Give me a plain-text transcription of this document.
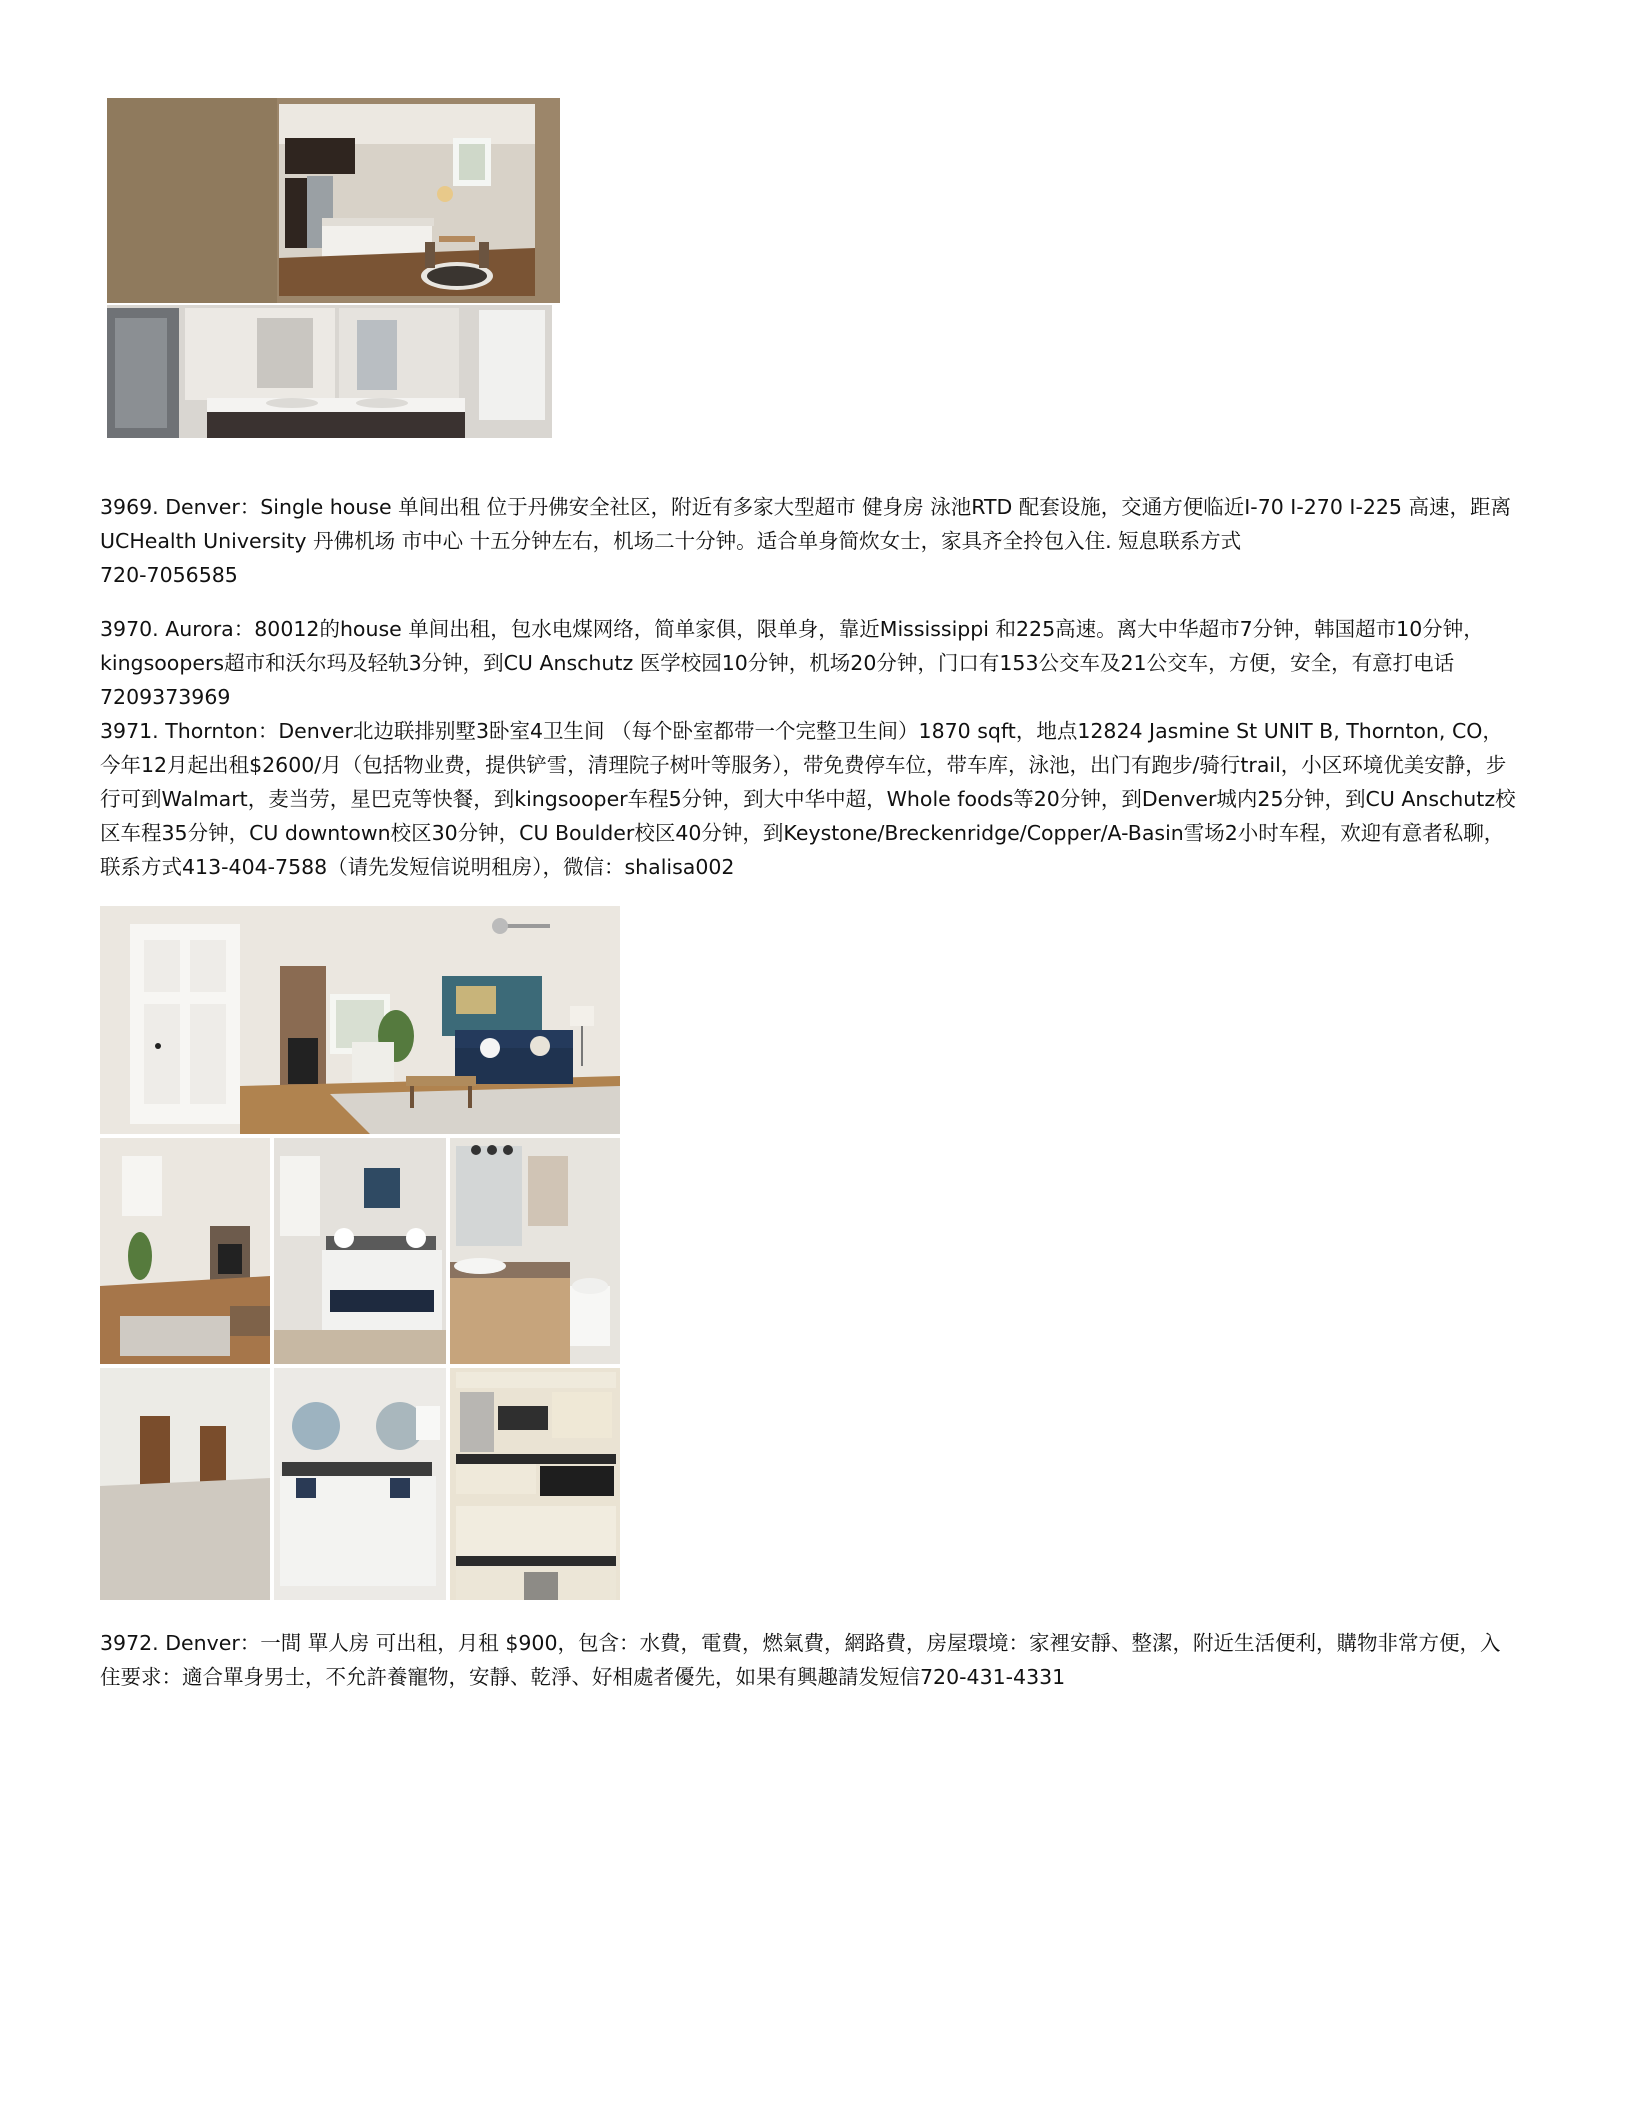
3969. Denver：Single house 单间出租 位于丹佛安全社区，附近有多家大型超市 健身房 泳池RTD 配套设施，交通方便临近I-70 I-270 I-225 高速，距离UCHealth University 丹佛机场 市中心 十五分钟左右，机场二十分钟。适合单身简炊女士，家具齐全拎包入住. 短息联系方式
720-7056585

3970. Aurora：80012的house 单间出租，包水电煤网络，简单家俱，限单身，靠近Mississippi 和225高速。离大中华超市7分钟，韩国超市10分钟，kingsoopers超市和沃尔玛及轻轨3分钟，到CU Anschutz 医学校园10分钟，机场20分钟，门口有153公交车及21公交车，方便，安全，有意打电话7209373969

3971. Thornton：Denver北边联排别墅3卧室4卫生间 （每个卧室都带一个完整卫生间）1870 sqft，地点12824 Jasmine St UNIT B, Thornton, CO，今年12月起出租$2600/月（包括物业费，提供铲雪，清理院子树叶等服务），带免费停车位，带车库，泳池，出门有跑步/骑行trail，小区环境优美安静，步行可到Walmart，麦当劳，星巴克等快餐，到kingsooper车程5分钟，到大中华中超，Whole foods等20分钟，到Denver城内25分钟，到CU Anschutz校区车程35分钟，CU downtown校区30分钟，CU Boulder校区40分钟，到Keystone/Breckenridge/Copper/A-Basin雪场2小时车程，欢迎有意者私聊，联系方式413-404-7588（请先发短信说明租房），微信：shalisa002

3972. Denver：一間 單人房 可出租，月租 $900，包含：水費，電費，燃氣費，網路費，房屋環境：家裡安靜、整潔，附近生活便利，購物非常方便，入住要求：適合單身男士，不允許養寵物，安靜、乾淨、好相處者優先，如果有興趣請发短信720-431-4331
